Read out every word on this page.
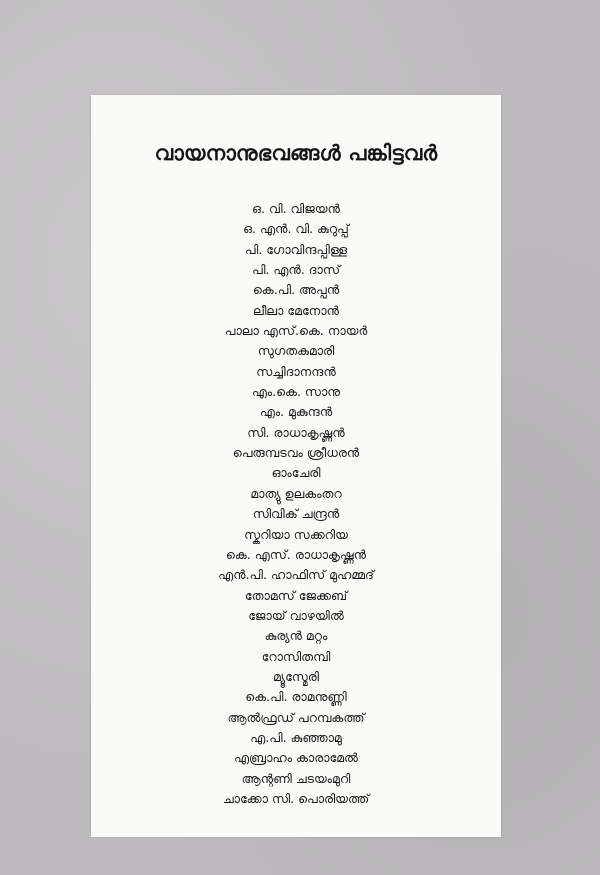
വായനാനുഭവങ്ങൾ പങ്കിട്ടവർ
ഒ. വി. വിജയൻ
ഒ. എൻ. വി. കുറുപ്പ്
പി. ഗോവിന്ദപ്പിള്ള
പി. എൻ. ദാസ്
കെ.പി. അപ്പൻ
ലീലാ മേനോൻ
പാലാ എസ്.കെ. നായർ
സുഗതകുമാരി
സച്ചിദാനന്ദൻ
എം.കെ. സാനു
എം. മുകുന്ദൻ
സി. രാധാകൃഷ്ണൻ
പെരുമ്പടവം ശ്രീധരൻ
ഓംചേരി
മാത്യു ഉലകംതറ
സിവിക് ചന്ദ്രൻ
സ്കറിയാ സക്കറിയ
കെ. എസ്. രാധാകൃഷ്ണൻ
എൻ.പി. ഹാഫിസ് മുഹമ്മദ്
തോമസ് ജേക്കബ്
ജോയ് വാഴയിൽ
കുര്യൻ മറ്റം
റോസിതമ്പി
മ്യൂസ്മേരി
കെ.പി. രാമനുണ്ണി
ആൽഫ്രഡ് പറമ്പകത്ത്
എ.പി. കുഞ്ഞാമു
എബ്രാഹം കാരാമേൽ
ആന്റണി ചടയംമുറി
ചാക്കോ സി. പൊരിയത്ത്
